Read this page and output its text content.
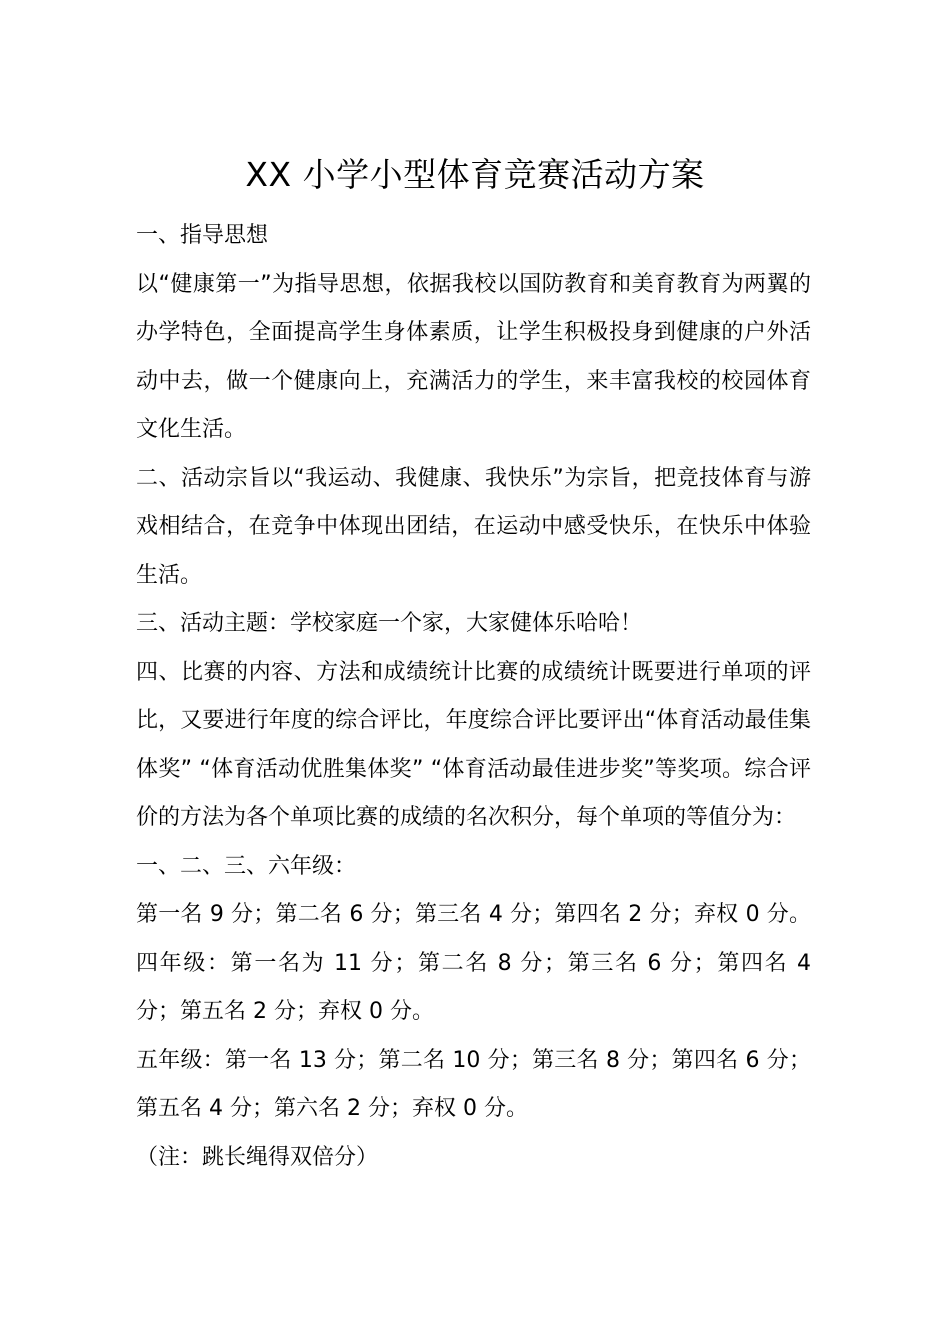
XX 小学小型体育竞赛活动方案

一、指导思想

以“健康第一”为指导思想，依据我校以国防教育和美育教育为两翼的办学特色，全面提高学生身体素质，让学生积极投身到健康的户外活动中去，做一个健康向上，充满活力的学生，来丰富我校的校园体育文化生活。

二、活动宗旨以“我运动、我健康、我快乐”为宗旨，把竞技体育与游戏相结合，在竞争中体现出团结，在运动中感受快乐，在快乐中体验生活。

三、活动主题：学校家庭一个家，大家健体乐哈哈！

四、比赛的内容、方法和成绩统计比赛的成绩统计既要进行单项的评比，又要进行年度的综合评比，年度综合评比要评出“体育活动最佳集体奖” “体育活动优胜集体奖” “体育活动最佳进步奖”等奖项。综合评价的方法为各个单项比赛的成绩的名次积分，每个单项的等值分为：

一、二、三、六年级：

第一名 9 分；第二名 6 分；第三名 4 分；第四名 2 分；弃权 0 分。四年级：第一名为 11 分；第二名 8 分；第三名 6 分；第四名 4 分；第五名 2 分；弃权 0 分。

五年级：第一名 13 分；第二名 10 分；第三名 8 分；第四名 6 分；第五名 4 分；第六名 2 分；弃权 0 分。

（注：跳长绳得双倍分）
